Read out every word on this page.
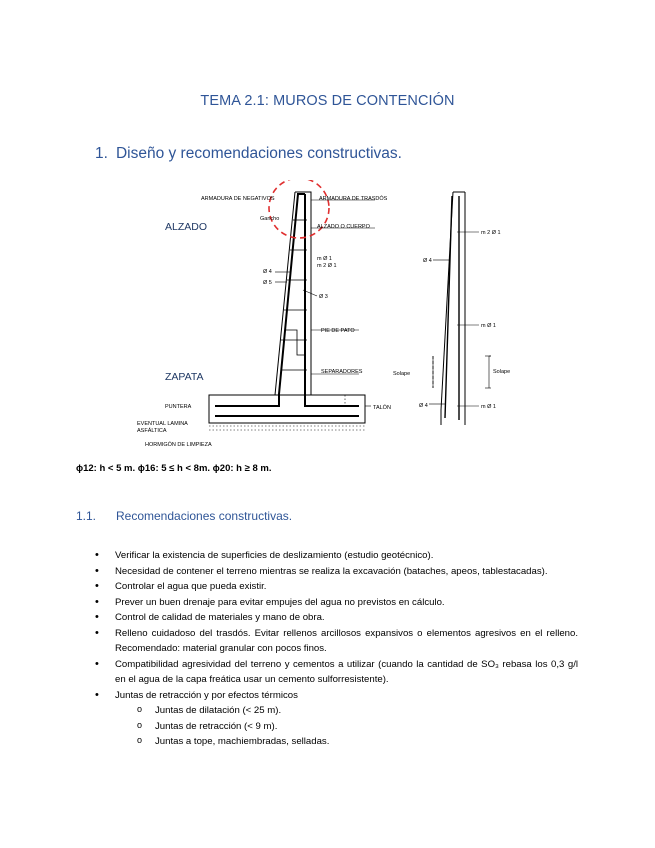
TEMA 2.1: MUROS DE CONTENCIÓN
1. Diseño y recomendaciones constructivas.
ARMADURA DE NEGATIVOS	ARMADURA DE TRASDÓS
Gancho
ALZADO O CUERPO
m Ø 1
m 2 Ø 1
Ø 4
Ø 5
Ø 3
PIE DE PATO
SEPARADORES
PUNTERA	TALÓN
EVENTUAL LAMINA
ASFÁLTICA
HORMIGÓN DE LIMPIEZA
ALZADO
ZAPATA
m 2 Ø 1
Ø 4
m Ø 1
Solape	Solape
Ø 4	m Ø 1
ϕ12: h < 5 m. ϕ16: 5 ≤ h < 8m. ϕ20: h ≥ 8 m.
1.1. Recomendaciones constructivas.
• Verificar la existencia de superficies de deslizamiento (estudio geotécnico).
• Necesidad de contener el terreno mientras se realiza la excavación (bataches, apeos, tablestacadas).
• Controlar el agua que pueda existir.
• Prever un buen drenaje para evitar empujes del agua no previstos en cálculo.
• Control de calidad de materiales y mano de obra.
• Relleno cuidadoso del trasdós. Evitar rellenos arcillosos expansivos o elementos agresivos en el relleno. Recomendado: material granular con pocos finos.
• Compatibilidad agresividad del terreno y cementos a utilizar (cuando la cantidad de SO₃ rebasa los 0,3 g/l en el agua de la capa freática usar un cemento sulforresistente).
• Juntas de retracción y por efectos térmicos
o Juntas de dilatación (< 25 m).
o Juntas de retracción (< 9 m).
o Juntas a tope, machiembradas, selladas.
